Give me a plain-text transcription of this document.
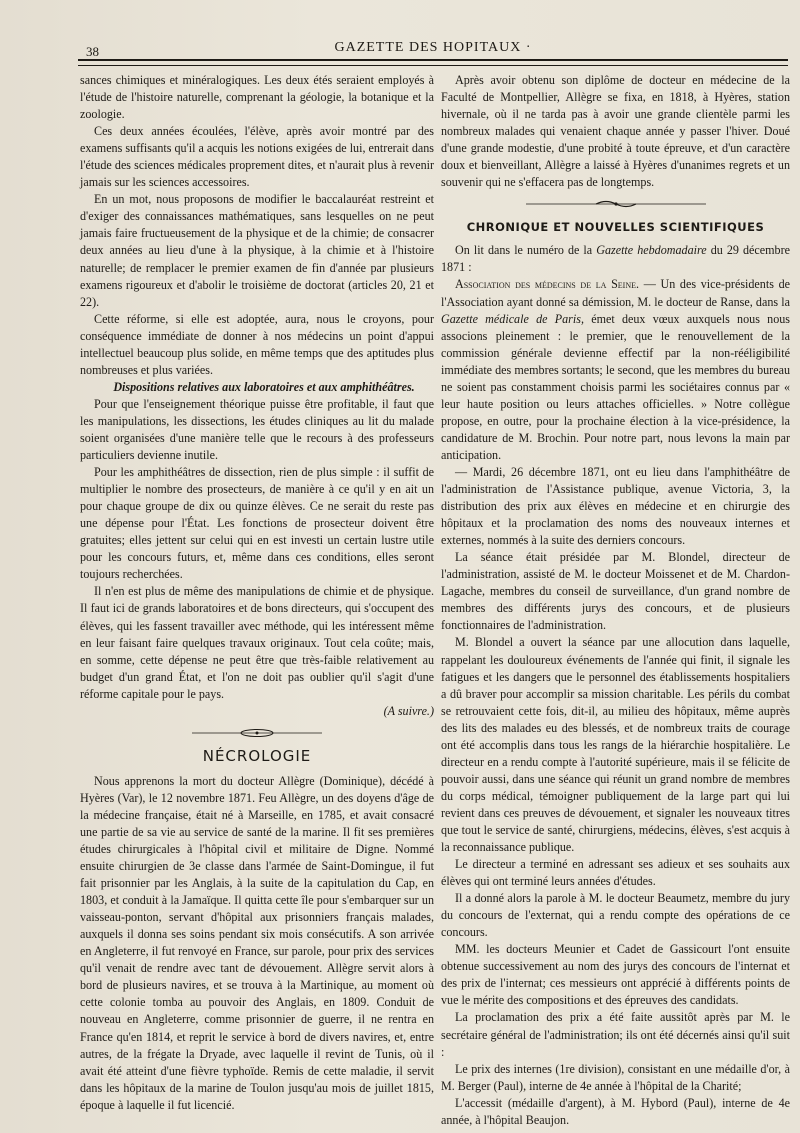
38	GAZETTE DES HOPITAUX ·

sances chimiques et minéralogiques. Les deux étés seraient employés à l'étude de l'histoire naturelle, comprenant la géologie, la botanique et la zoologie.

Ces deux années écoulées, l'élève, après avoir montré par des examens suffisants qu'il a acquis les notions exigées de lui, entrerait dans l'étude des sciences médicales proprement dites, et n'aurait plus à revenir jamais sur les sciences accessoires.

En un mot, nous proposons de modifier le baccalauréat restreint et d'exiger des connaissances mathématiques, sans lesquelles on ne peut jamais faire fructueusement de la physique et de la chimie; de consacrer deux années au lieu d'une à la physique, à la chimie et à l'histoire naturelle; de remplacer le premier examen de fin d'année par plusieurs examens rigoureux et d'abolir le troisième de doctorat (articles 20, 21 et 22).

Cette réforme, si elle est adoptée, aura, nous le croyons, pour conséquence immédiate de donner à nos médecins un point d'appui intellectuel beaucoup plus solide, en même temps que des aptitudes plus nombreuses et plus variées.

Dispositions relatives aux laboratoires et aux amphithéâtres.

Pour que l'enseignement théorique puisse être profitable, il faut que les manipulations, les dissections, les études cliniques au lit du malade soient organisées d'une manière telle que le recours à des professeurs particuliers devienne inutile.

Pour les amphithéâtres de dissection, rien de plus simple : il suffit de multiplier le nombre des prosecteurs, de manière à ce qu'il y en ait un pour chaque groupe de dix ou quinze élèves. Ce ne serait du reste pas une dépense pour l'État. Les fonctions de prosecteur doivent être gratuites; elles jettent sur celui qui en est investi un certain lustre utile pour les concours futurs, et, même dans ces conditions, elles seront toujours recherchées.

Il n'en est plus de même des manipulations de chimie et de physique. Il faut ici de grands laboratoires et de bons directeurs, qui s'occupent des élèves, qui les fassent travailler avec méthode, qui les intéressent même en leur faisant faire quelques travaux originaux. Tout cela coûte; mais, en somme, cette dépense ne peut être que très-faible relativement au budget d'un grand État, et l'on ne doit pas oublier qu'il s'agit d'une réforme capitale pour le pays.

(A suivre.)

NÉCROLOGIE

Nous apprenons la mort du docteur Allègre (Dominique), décédé à Hyères (Var), le 12 novembre 1871. Feu Allègre, un des doyens d'âge de la médecine française, était né à Marseille, en 1785, et avait consacré une partie de sa vie au service de santé de la marine. Il fit ses premières études chirurgicales à l'hôpital civil et militaire de Digne. Nommé ensuite chirurgien de 3e classe dans l'armée de Saint-Domingue, il fut fait prisonnier par les Anglais, à la suite de la capitulation du Cap, en 1803, et conduit à la Jamaïque. Il quitta cette île pour s'embarquer sur un vaisseau-ponton, servant d'hôpital aux prisonniers français malades, auxquels il donna ses soins pendant six mois consécutifs. A son arrivée en Angleterre, il fut renvoyé en France, sur parole, pour prix des services qu'il venait de rendre avec tant de dévouement. Allègre servit alors à bord de plusieurs navires, et se trouva à la Martinique, au moment où cette colonie tomba au pouvoir des Anglais, en 1809. Conduit de nouveau en Angleterre, comme prisonnier de guerre, il ne rentra en France qu'en 1814, et reprit le service à bord de divers navires, et, entre autres, de la frégate la Dryade, avec laquelle il revint de Tunis, où il avait été atteint d'une fièvre typhoïde. Remis de cette maladie, il servit dans les hôpitaux de la marine de Toulon jusqu'au mois de juillet 1815, époque à laquelle il fut licencié.

Après avoir obtenu son diplôme de docteur en médecine de la Faculté de Montpellier, Allègre se fixa, en 1818, à Hyères, station hivernale, où il ne tarda pas à avoir une grande clientèle parmi les nombreux malades qui venaient chaque année y passer l'hiver. Doué d'une grande modestie, d'une probité à toute épreuve, et d'un caractère doux et bienveillant, Allègre a laissé à Hyères d'unanimes regrets et un souvenir qui ne s'effacera pas de longtemps.

CHRONIQUE ET NOUVELLES SCIENTIFIQUES

On lit dans le numéro de la Gazette hebdomadaire du 29 décembre 1871 :

Association des médecins de la Seine. — Un des vice-présidents de l'Association ayant donné sa démission, M. le docteur de Ranse, dans la Gazette médicale de Paris, émet deux vœux auxquels nous nous associons pleinement : le premier, que le renouvellement de la commission générale devienne effectif par la non-rééligibilité immédiate des membres sortants; le second, que les membres du bureau ne soient pas constamment choisis parmi les sociétaires connus par « leur haute position ou leurs attaches officielles. » Notre collègue propose, en outre, pour la prochaine élection à la vice-présidence, la candidature de M. Brochin. Pour notre part, nous levons la main par anticipation.

— Mardi, 26 décembre 1871, ont eu lieu dans l'amphithéâtre de l'administration de l'Assistance publique, avenue Victoria, 3, la distribution des prix aux élèves en médecine et en chirurgie des hôpitaux et la proclamation des noms des nouveaux internes et externes, nommés à la suite des derniers concours.

La séance était présidée par M. Blondel, directeur de l'administration, assisté de M. le docteur Moissenet et de M. Chardon-Lagache, membres du conseil de surveillance, d'un grand nombre de membres des différents jurys des concours, et de plusieurs fonctionnaires de l'administration.

M. Blondel a ouvert la séance par une allocution dans laquelle, rappelant les douloureux événements de l'année qui finit, il signale les fatigues et les dangers que le personnel des établissements hospitaliers a dû braver pour accomplir sa mission charitable. Les périls du combat se retrouvaient cette fois, dit-il, au milieu des hôpitaux, même auprès des lits des malades eu des blessés, et de nombreux traits de courage ont été accomplis dans tous les rangs de la hiérarchie hospitalière. Le directeur en a rendu compte à l'autorité supérieure, mais il se félicite de pouvoir aussi, dans une séance qui réunit un grand nombre de membres du corps médical, témoigner publiquement de la large part qui lui revient dans ces preuves de dévouement, et signaler les nouveaux titres que tout le service de santé, chirurgiens, médecins, élèves, s'est acquis à la reconnaissance publique.

Le directeur a terminé en adressant ses adieux et ses souhaits aux élèves qui ont terminé leurs années d'études.

Il a donné alors la parole à M. le docteur Beaumetz, membre du jury du concours de l'externat, qui a rendu compte des opérations de ce concours.

MM. les docteurs Meunier et Cadet de Gassicourt l'ont ensuite obtenue successivement au nom des jurys des concours de l'internat et des prix de l'internat; ces messieurs ont apprécié à différents points de vue le mérite des compositions et des épreuves des candidats.

La proclamation des prix a été faite aussitôt après par M. le secrétaire général de l'administration; ils ont été décernés ainsi qu'il suit :

Le prix des internes (1re division), consistant en une médaille d'or, à M. Berger (Paul), interne de 4e année à l'hôpital de la Charité;

L'accessit (médaille d'argent), à M. Hybord (Paul), interne de 4e année, à l'hôpital Beaujon.
